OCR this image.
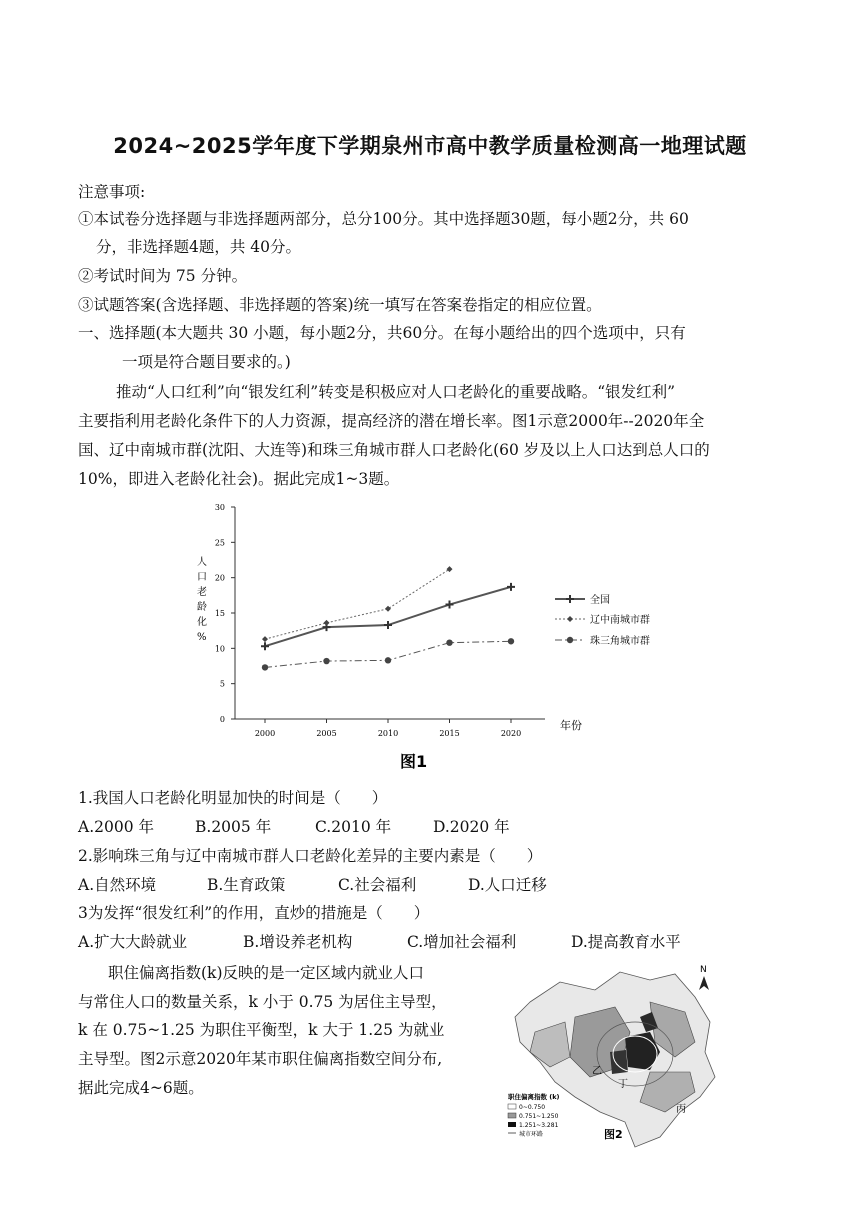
2024~2025学年度下学期泉州市高中教学质量检测高一地理试题
注意事项:
①本试卷分选择题与非选择题两部分，总分100分。其中选择题30题，每小题2分，共 60
分，非选择题4题，共 40分。
②考试时间为 75 分钟。
③试题答案(含选择题、非选择题的答案)统一填写在答案卷指定的相应位置。
一、选择题(本大题共 30 小题，每小题2分，共60分。在每小题给出的四个选项中，只有
一项是符合题目要求的。)
推动“人口红利”向“银发红利”转变是积极应对人口老龄化的重要战略。“银发红利”
主要指利用老龄化条件下的人力资源，提高经济的潜在增长率。图1示意2000年--2020年全
国、辽中南城市群(沈阳、大连等)和珠三角城市群人口老龄化(60 岁及以上人口达到总人口的
10%，即进入老龄化社会)。据此完成1~3题。
0
5
10
15
20
25
30
2000	2005	2010	2015	2020
全国
辽中南城市群
珠三角城市群
人口老龄化%
年份
图1
1.我国人口老龄化明显加快的时间是（　　）
A.2000 年	B.2005 年	C.2010 年	D.2020 年
2.影响珠三角与辽中南城市群人口老龄化差异的主要内素是（　　）
A.自然环境	B.生育政策	C.社会福利	D.人口迁移
3为发挥“很发红利”的作用，直炒的措施是（　　）
A.扩大大龄就业	B.增设养老机构	C.增加社会福利	D.提高教育水平
职住偏离指数(k)反映的是一定区域内就业人口
与常住人口的数量关系，k 小于 0.75 为居住主导型，
k 在 0.75~1.25 为职住平衡型，k 大于 1.25 为就业
主导型。图2示意2020年某市职住偏离指数空间分布,
据此完成4~6题。
N
乙
丁
丙
职住偏离指数 (k)
0~0.750
0.751~1.250
1.251~3.281
城市环路	图2
